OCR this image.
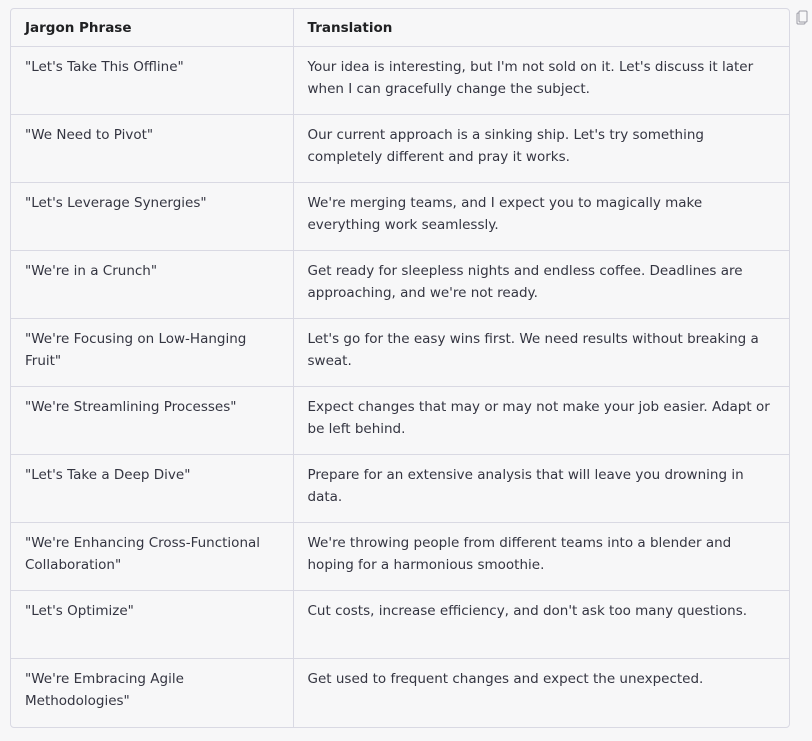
Jargon Phrase	Translation
"Let's Take This Offline"	Your idea is interesting, but I'm not sold on it. Let's discuss it later when I can gracefully change the subject.
"We Need to Pivot"	Our current approach is a sinking ship. Let's try something completely different and pray it works.
"Let's Leverage Synergies"	We're merging teams, and I expect you to magically make everything work seamlessly.
"We're in a Crunch"	Get ready for sleepless nights and endless coffee. Deadlines are approaching, and we're not ready.
"We're Focusing on Low-Hanging Fruit"	Let's go for the easy wins first. We need results without breaking a sweat.
"We're Streamlining Processes"	Expect changes that may or may not make your job easier. Adapt or be left behind.
"Let's Take a Deep Dive"	Prepare for an extensive analysis that will leave you drowning in data.
"We're Enhancing Cross-Functional Collaboration"	We're throwing people from different teams into a blender and hoping for a harmonious smoothie.
"Let's Optimize"	Cut costs, increase efficiency, and don't ask too many questions.
"We're Embracing Agile Methodologies"	Get used to frequent changes and expect the unexpected.
